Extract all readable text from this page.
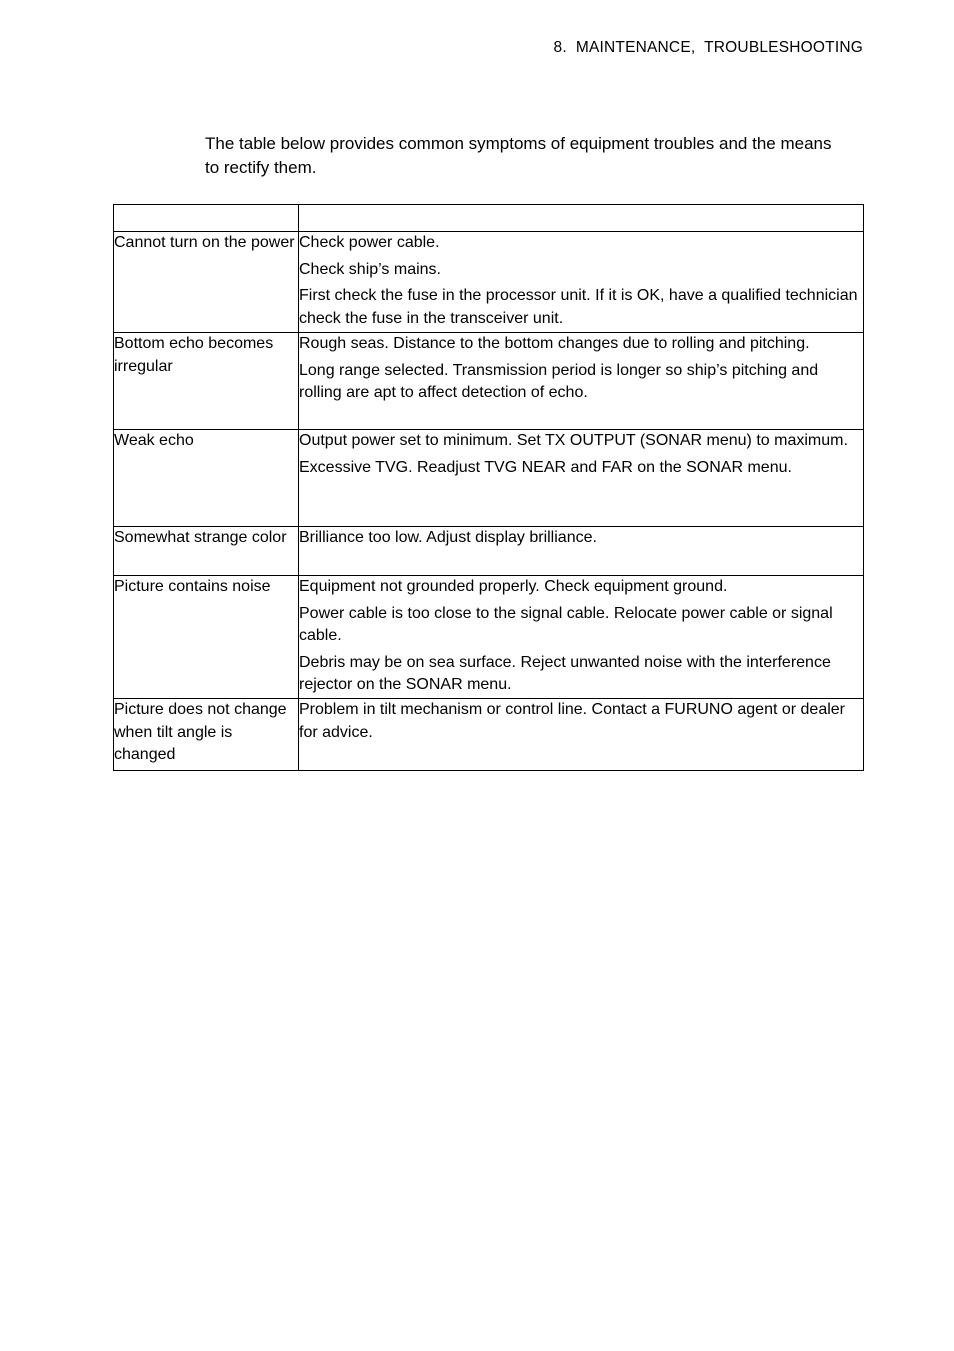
8.  MAINTENANCE,  TROUBLESHOOTING

The table below provides common symptoms of equipment troubles and the means to rectify them.

Cannot turn on the power	Check power cable.
Check ship’s mains.
First check the fuse in the processor unit. If it is OK, have a qualified technician check the fuse in the transceiver unit.

Bottom echo becomes irregular	Rough seas. Distance to the bottom changes due to rolling and pitching.
Long range selected. Transmission period is longer so ship’s pitching and rolling are apt to affect detection of echo.

Weak echo	Output power set to minimum. Set TX OUTPUT (SONAR menu) to maximum.
Excessive TVG. Readjust TVG NEAR and FAR on the SONAR menu.

Somewhat strange color	Brilliance too low. Adjust display brilliance.

Picture contains noise	Equipment not grounded properly. Check equipment ground.
Power cable is too close to the signal cable. Relocate power cable or signal cable.
Debris may be on sea surface. Reject unwanted noise with the interference rejector on the SONAR menu.

Picture does not change when tilt angle is changed	Problem in tilt mechanism or control line. Contact a FURUNO agent or dealer for advice.
